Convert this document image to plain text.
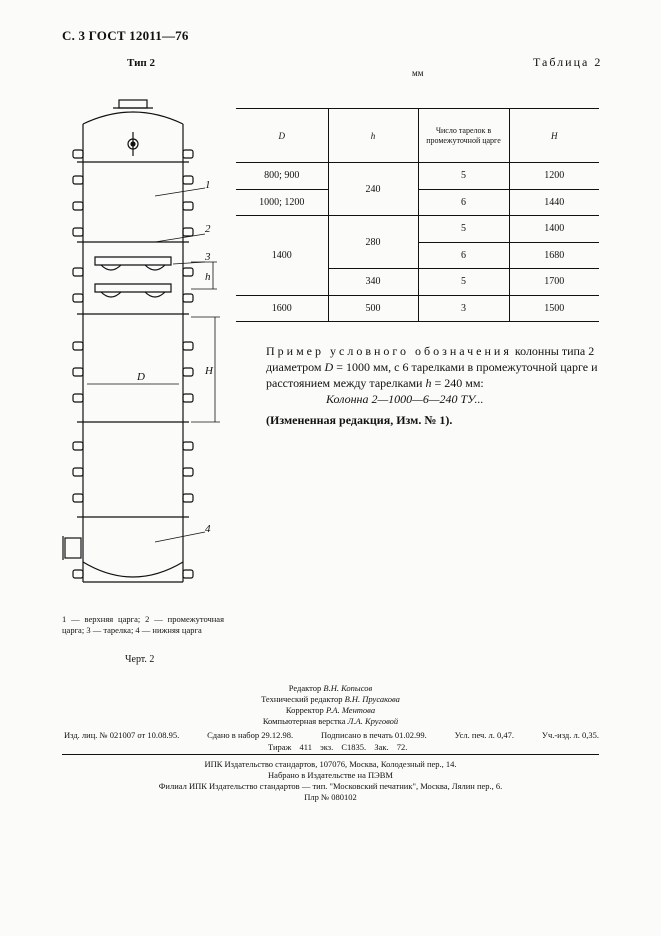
С. 3 ГОСТ 12011—76
Тип 2	Таблица 2
мм
1
2
3
4
h
H
D
D	h	Число тарелок в промежуточной царге	H
800; 900	240	5	1200
1000; 1200		6	1440
1400	280	5	1400
		6	1680
	340	5	1700
1600	500	3	1500
Пример условного обозначения колонны типа 2
диаметром D = 1000 мм, с 6 тарелками в промежуточной царге и
расстоянием между тарелками h = 240 мм:
Колонна 2—1000—6—240 ТУ...
(Измененная редакция, Изм. № 1).
1 — верхняя царга; 2 — промежуточная царга; 3 — тарелка; 4 — нижняя царга
Черт. 2
Редактор В.Н. Копысов
Технический редактор В.Н. Прусакова
Корректор Р.А. Ментова
Компьютерная верстка Л.А. Круговой
Изд. лиц. № 021007 от 10.08.95.	Сдано в набор 29.12.98.	Подписано в печать 01.02.99.	Усл. печ. л. 0,47.	Уч.-изд. л. 0,35.
Тираж 411 экз. С1835. Зак. 72.
ИПК Издательство стандартов, 107076, Москва, Колодезный пер., 14.
Набрано в Издательстве на ПЭВМ
Филиал ИПК Издательство стандартов — тип. "Московский печатник", Москва, Лялин пер., 6.
Плр № 080102
